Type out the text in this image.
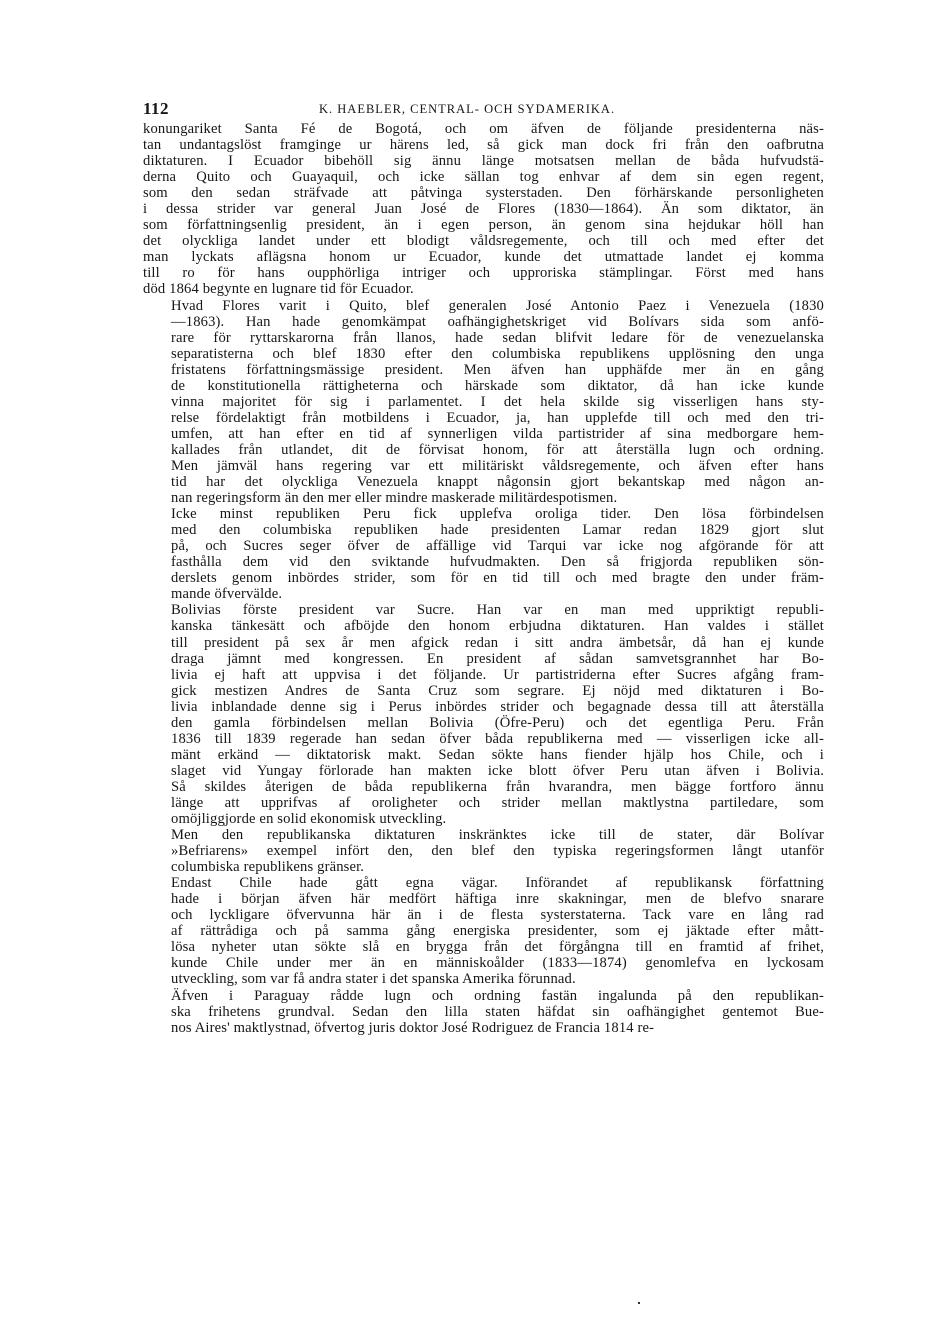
112	K. HAEBLER, CENTRAL- OCH SYDAMERIKA.
konungariket Santa Fé de Bogotá, och om äfven de följande presidenterna näs-
tan undantagslöst framginge ur härens led, så gick man dock fri från den oafbrutna
diktaturen. I Ecuador bibehöll sig ännu länge motsatsen mellan de båda hufvudstä-
derna Quito och Guayaquil, och icke sällan tog enhvar af dem sin egen regent,
som den sedan sträfvade att påtvinga systerstaden. Den förhärskande personligheten
i dessa strider var general Juan José de Flores (1830—1864). Än som diktator, än
som författningsenlig president, än i egen person, än genom sina hejdukar höll han
det olyckliga landet under ett blodigt våldsregemente, och till och med efter det
man lyckats aflägsna honom ur Ecuador, kunde det utmattade landet ej komma
till ro för hans oupphörliga intriger och upproriska stämplingar. Först med hans
död 1864 begynte en lugnare tid för Ecuador.
Hvad Flores varit i Quito, blef generalen José Antonio Paez i Venezuela (1830
—1863). Han hade genomkämpat oafhängighetskriget vid Bolívars sida som anfö-
rare för ryttarskarorna från llanos, hade sedan blifvit ledare för de venezuelanska
separatisterna och blef 1830 efter den columbiska republikens upplösning den unga
fristatens författningsmässige president. Men äfven han upphäfde mer än en gång
de konstitutionella rättigheterna och härskade som diktator, då han icke kunde
vinna majoritet för sig i parlamentet. I det hela skilde sig visserligen hans sty-
relse fördelaktigt från motbildens i Ecuador, ja, han upplefde till och med den tri-
umfen, att han efter en tid af synnerligen vilda partistrider af sina medborgare hem-
kallades från utlandet, dit de förvisat honom, för att återställa lugn och ordning.
Men jämväl hans regering var ett militäriskt våldsregemente, och äfven efter hans
tid har det olyckliga Venezuela knappt någonsin gjort bekantskap med någon an-
nan regeringsform än den mer eller mindre maskerade militärdespotismen.
Icke minst republiken Peru fick upplefva oroliga tider. Den lösa förbindelsen
med den columbiska republiken hade presidenten Lamar redan 1829 gjort slut
på, och Sucres seger öfver de affällige vid Tarqui var icke nog afgörande för att
fasthålla dem vid den sviktande hufvudmakten. Den så frigjorda republiken sön-
derslets genom inbördes strider, som för en tid till och med bragte den under främ-
mande öfvervälde.
Bolivias förste president var Sucre. Han var en man med uppriktigt republi-
kanska tänkesätt och afböjde den honom erbjudna diktaturen. Han valdes i stället
till president på sex år men afgick redan i sitt andra ämbetsår, då han ej kunde
draga jämnt med kongressen. En president af sådan samvetsgrannhet har Bo-
livia ej haft att uppvisa i det följande. Ur partistriderna efter Sucres afgång fram-
gick mestizen Andres de Santa Cruz som segrare. Ej nöjd med diktaturen i Bo-
livia inblandade denne sig i Perus inbördes strider och begagnade dessa till att återställa
den gamla förbindelsen mellan Bolivia (Öfre-Peru) och det egentliga Peru. Från
1836 till 1839 regerade han sedan öfver båda republikerna med — visserligen icke all-
mänt erkänd — diktatorisk makt. Sedan sökte hans fiender hjälp hos Chile, och i
slaget vid Yungay förlorade han makten icke blott öfver Peru utan äfven i Bolivia.
Så skildes återigen de båda republikerna från hvarandra, men bägge fortforo ännu
länge att upprifvas af oroligheter och strider mellan maktlystna partiledare, som
omöjliggjorde en solid ekonomisk utveckling.
Men den republikanska diktaturen inskränktes icke till de stater, där Bolívar
»Befriarens» exempel infört den, den blef den typiska regeringsformen långt utanför
columbiska republikens gränser.
Endast Chile hade gått egna vägar. Införandet af republikansk författning
hade i början äfven här medfört häftiga inre skakningar, men de blefvo snarare
och lyckligare öfvervunna här än i de flesta systerstaterna. Tack vare en lång rad
af rättrådiga och på samma gång energiska presidenter, som ej jäktade efter mått-
lösa nyheter utan sökte slå en brygga från det förgångna till en framtid af frihet,
kunde Chile under mer än en människoålder (1833—1874) genomlefva en lyckosam
utveckling, som var få andra stater i det spanska Amerika förunnad.
Äfven i Paraguay rådde lugn och ordning fastän ingalunda på den republikan-
ska frihetens grundval. Sedan den lilla staten häfdat sin oafhängighet gentemot Bue-
nos Aires' maktlystnad, öfvertog juris doktor José Rodriguez de Francia 1814 re-
